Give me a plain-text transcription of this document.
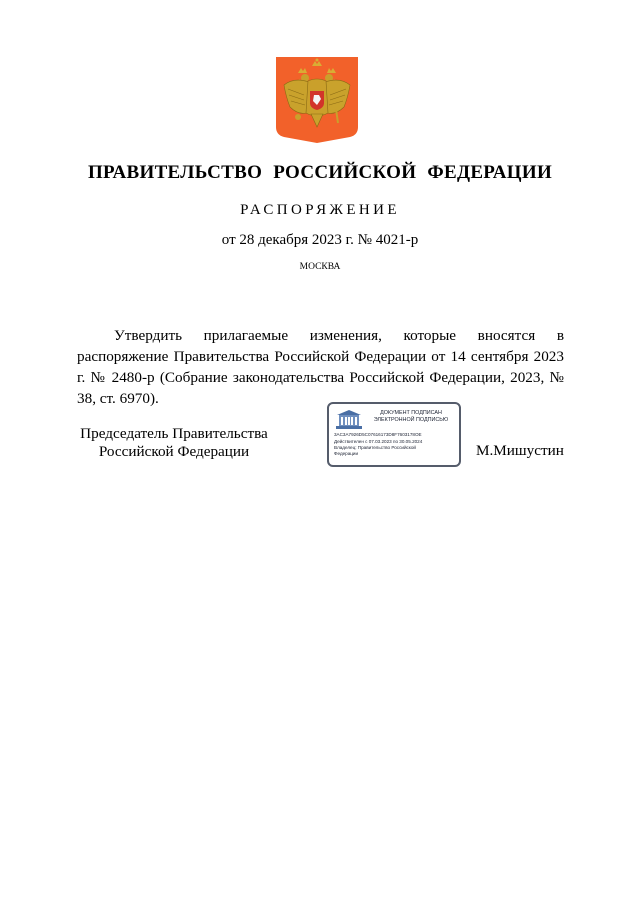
ПРАВИТЕЛЬСТВО РОССИЙСКОЙ ФЕДЕРАЦИИ
РАСПОРЯЖЕНИЕ
от 28 декабря 2023 г. № 4021-р
МОСКВА

Утвердить прилагаемые изменения, которые вносятся в распоряжение Правительства Российской Федерации от 14 сентября 2023 г. № 2480-р (Собрание законодательства Российской Федерации, 2023, № 38, ст. 6970).

Председатель Правительства
Российской Федерации
ДОКУМЕНТ ПОДПИСАН
ЭЛЕКТРОННОЙ ПОДПИСЬЮ
3AC3A7926D5C07616173D8F7603178OE
Действителен с 07.03.2023 по 30.05.2024
Владелец: Правительство Российской
Федерации	М.Мишустин
